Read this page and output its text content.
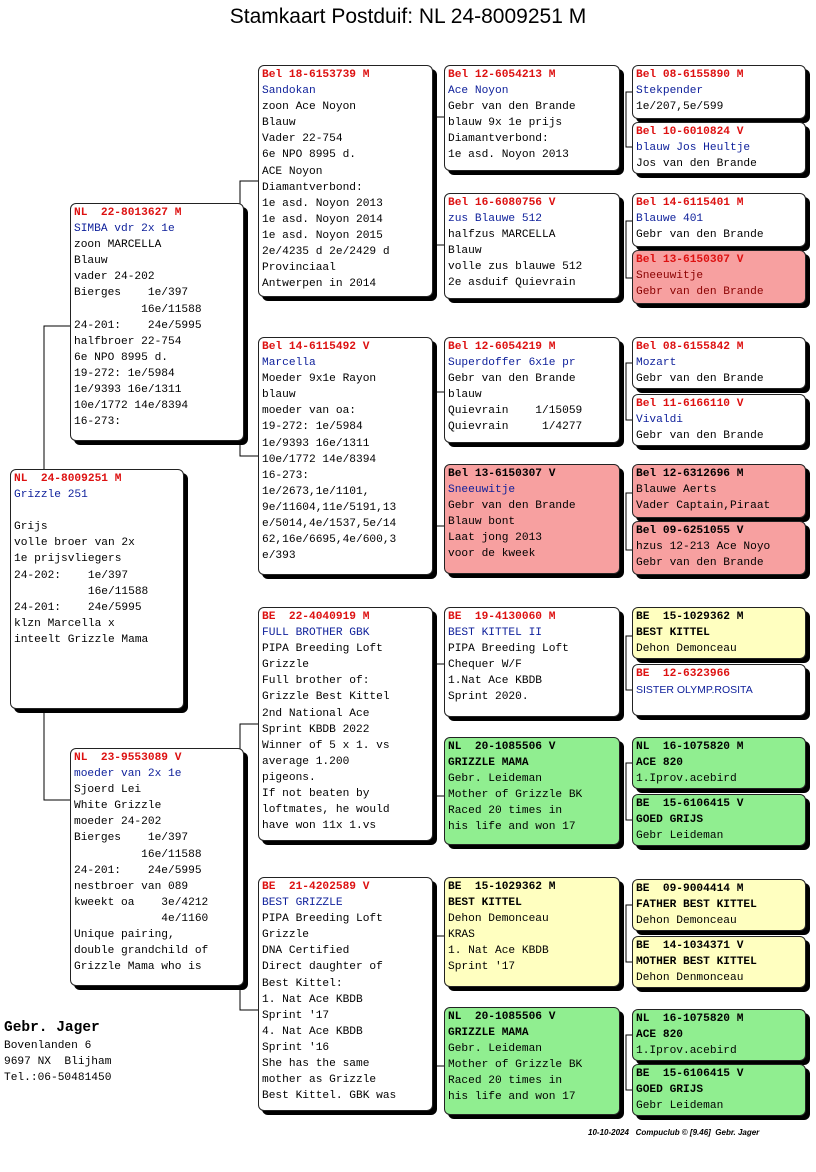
Stamkaart Postduif: NL 24-8009251 M
NL  24-8009251 M
Grizzle 251

Grijs
volle broer van 2x
1e prijsvliegers
24-202:    1e/397
16e/11588
24-201:    24e/5995
klzn Marcella x
inteelt Grizzle Mama
NL  22-8013627 M
SIMBA vdr 2x 1e
zoon MARCELLA
Blauw
vader 24-202
Bierges    1e/397
16e/11588
24-201:    24e/5995
halfbroer 22-754
6e NPO 8995 d.
19-272: 1e/5984
1e/9393 16e/1311
10e/1772 14e/8394
16-273:
NL  23-9553089 V
moeder van 2x 1e
Sjoerd Lei
White Grizzle
moeder 24-202
Bierges    1e/397
16e/11588
24-201:    24e/5995
nestbroer van 089
kweekt oa    3e/4212
4e/1160
Unique pairing,
double grandchild of
Grizzle Mama who is
Bel 18-6153739 M
Sandokan
zoon Ace Noyon
Blauw
Vader 22-754
6e NPO 8995 d.
ACE Noyon
Diamantverbond:
1e asd. Noyon 2013
1e asd. Noyon 2014
1e asd. Noyon 2015
2e/4235 d 2e/2429 d
Provinciaal
Antwerpen in 2014
Bel 14-6115492 V
Marcella
Moeder 9x1e Rayon
blauw
moeder van oa:
19-272: 1e/5984
1e/9393 16e/1311
10e/1772 14e/8394
16-273:
1e/2673,1e/1101,
9e/11604,11e/5191,13
e/5014,4e/1537,5e/14
62,16e/6695,4e/600,3
e/393
BE  22-4040919 M
FULL BROTHER GBK
PIPA Breeding Loft
Grizzle
Full brother of:
Grizzle Best Kittel
2nd National Ace
Sprint KBDB 2022
Winner of 5 x 1. vs
average 1.200
pigeons.
If not beaten by
loftmates, he would
have won 11x 1.vs
BE  21-4202589 V
BEST GRIZZLE
PIPA Breeding Loft
Grizzle
DNA Certified
Direct daughter of
Best Kittel:
1. Nat Ace KBDB
Sprint '17
4. Nat Ace KBDB
Sprint '16
She has the same
mother as Grizzle
Best Kittel. GBK was
Bel 12-6054213 M
Ace Noyon
Gebr van den Brande
blauw 9x 1e prijs
Diamantverbond:
1e asd. Noyon 2013
Bel 16-6080756 V
zus Blauwe 512
halfzus MARCELLA
Blauw
volle zus blauwe 512
2e asduif Quievrain
Bel 12-6054219 M
Superdoffer 6x1e pr
Gebr van den Brande
blauw
Quievrain    1/15059
Quievrain     1/4277
Bel 13-6150307 V
Sneeuwitje
Gebr van den Brande
Blauw bont
Laat jong 2013
voor de kweek
BE  19-4130060 M
BEST KITTEL II
PIPA Breeding Loft
Chequer W/F
1.Nat Ace KBDB
Sprint 2020.
NL  20-1085506 V
GRIZZLE MAMA
Gebr. Leideman
Mother of Grizzle BK
Raced 20 times in
his life and won 17
BE  15-1029362 M
BEST KITTEL
Dehon Demonceau
KRAS
1. Nat Ace KBDB
Sprint '17
NL  20-1085506 V
GRIZZLE MAMA
Gebr. Leideman
Mother of Grizzle BK
Raced 20 times in
his life and won 17
Bel 08-6155890 M
Stekpender
1e/207,5e/599
Bel 10-6010824 V
blauw Jos Heultje
Jos van den Brande
Bel 14-6115401 M
Blauwe 401
Gebr van den Brande
Bel 13-6150307 V
Sneeuwitje
Gebr van den Brande
Bel 08-6155842 M
Mozart
Gebr van den Brande
Bel 11-6166110 V
Vivaldi
Gebr van den Brande
Bel 12-6312696 M
Blauwe Aerts
Vader Captain,Piraat
Bel 09-6251055 V
hzus 12-213 Ace Noyo
Gebr van den Brande
BE  15-1029362 M
BEST KITTEL
Dehon Demonceau
BE  12-6323966
SISTER OLYMP.ROSITA
NL  16-1075820 M
ACE 820
1.Iprov.acebird
BE  15-6106415 V
GOED GRIJS
Gebr Leideman
BE  09-9004414 M
FATHER BEST KITTEL
Dehon Demonceau
BE  14-1034371 V
MOTHER BEST KITTEL
Dehon Denmonceau
NL  16-1075820 M
ACE 820
1.Iprov.acebird
BE  15-6106415 V
GOED GRIJS
Gebr Leideman
Gebr. Jager
Bovenlanden 6
9697 NX  Blijham
Tel.:06-50481450
10-10-2024   Compuclub © [9.46]  Gebr. Jager
